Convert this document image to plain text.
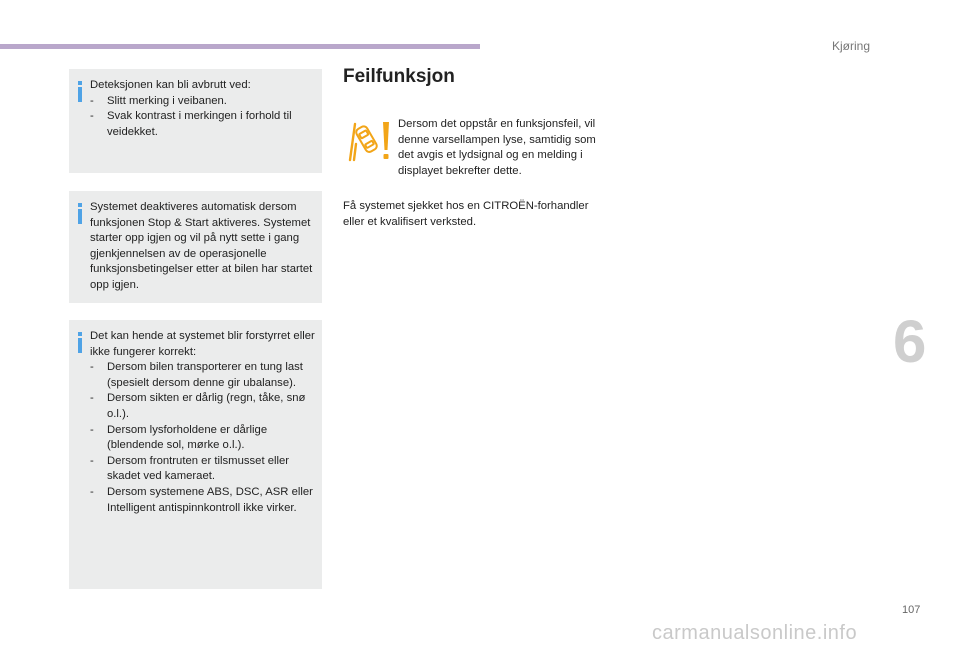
Kjøring
6

Deteksjonen kan bli avbrutt ved:

- Slitt merking i veibanen.
- Svak kontrast i merkingen i forhold til veidekket.

Systemet deaktiveres automatisk dersom funksjonen Stop & Start aktiveres. Systemet starter opp igjen og vil på nytt sette i gang gjenkjennelsen av de operasjonelle funksjonsbetingelser etter at bilen har startet opp igjen.

Det kan hende at systemet blir forstyrret eller ikke fungerer korrekt:

- Dersom bilen transporterer en tung last (spesielt dersom denne gir ubalanse).
- Dersom sikten er dårlig (regn, tåke, snø o.l.).
- Dersom lysforholdene er dårlige (blendende sol, mørke o.l.).
- Dersom frontruten er tilsmusset eller skadet ved kameraet.
- Dersom systemene ABS, DSC, ASR eller Intelligent antispinnkontroll ikke virker.
Feilfunksjon

Dersom det oppstår en funksjonsfeil, vil denne varsellampen lyse, samtidig som det avgis et lydsignal og en melding i displayet bekrefter dette.

Få systemet sjekket hos en CITROËN-forhandler eller et kvalifisert verksted.

107
carmanualsonline.info
